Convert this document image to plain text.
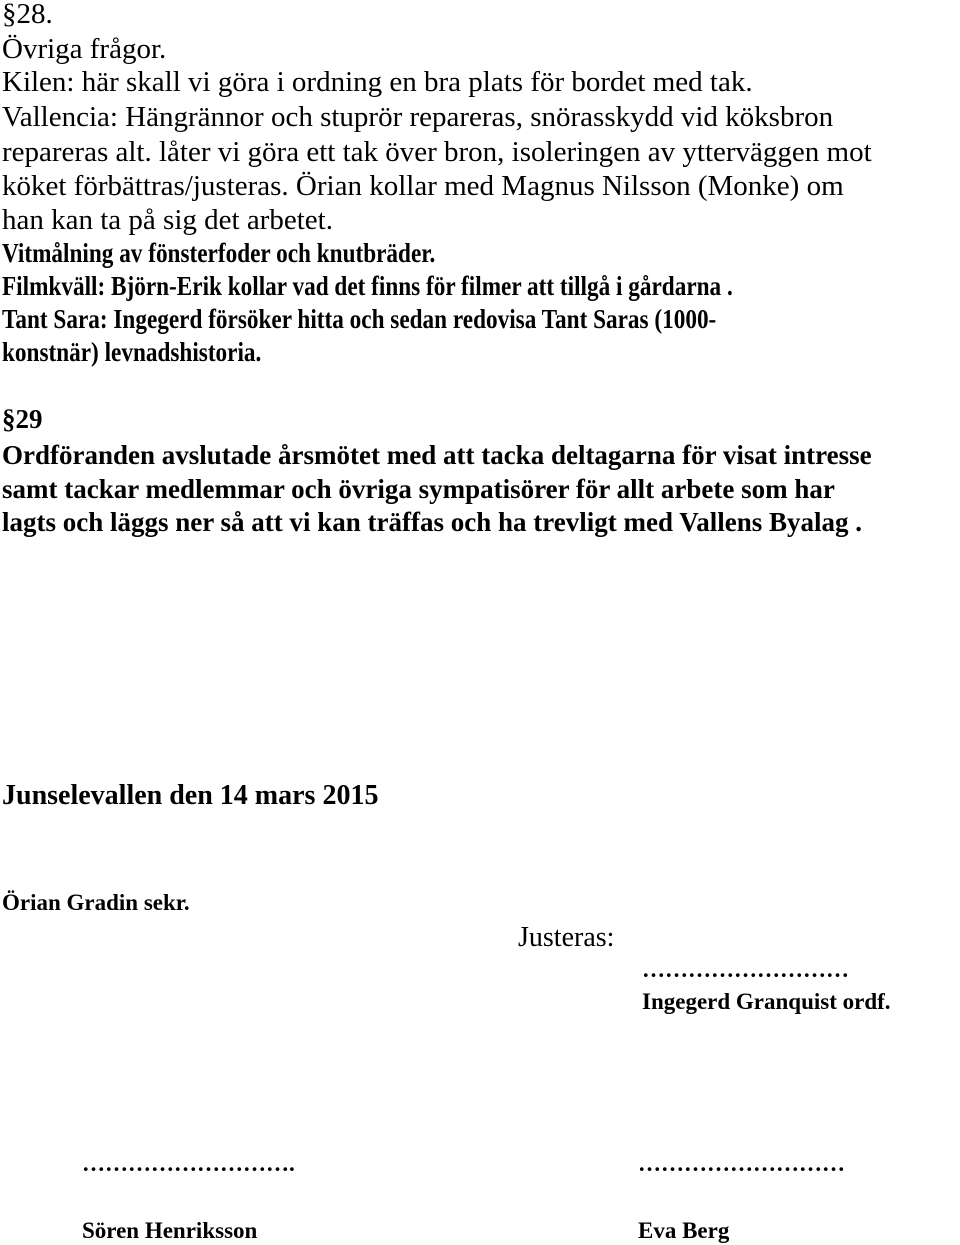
§28.
Övriga frågor.
Kilen: här skall vi göra i ordning en bra plats för bordet med tak.
Vallencia: Hängrännor och stuprör repareras, snörasskydd vid köksbron
repareras alt. låter vi göra ett tak över bron, isoleringen av ytterväggen mot
köket förbättras/justeras. Örian kollar med Magnus Nilsson (Monke) om
han kan ta på sig det arbetet.
Vitmålning av fönsterfoder och knutbräder.
Filmkväll: Björn-Erik kollar vad det finns för filmer att tillgå i gårdarna .
Tant Sara: Ingegerd försöker hitta och sedan redovisa Tant Saras (1000-
konstnär) levnadshistoria.
§29
Ordföranden avslutade årsmötet med att tacka deltagarna för visat intresse
samt tackar medlemmar och övriga sympatisörer för allt arbete som har
lagts och läggs ner så att vi kan träffas och ha trevligt med Vallens Byalag .
Junselevallen den 14 mars 2015
Örian Gradin sekr.
Justeras:
………………………
Ingegerd Granquist ordf.
……………………….	………………………
Sören Henriksson	Eva Berg
